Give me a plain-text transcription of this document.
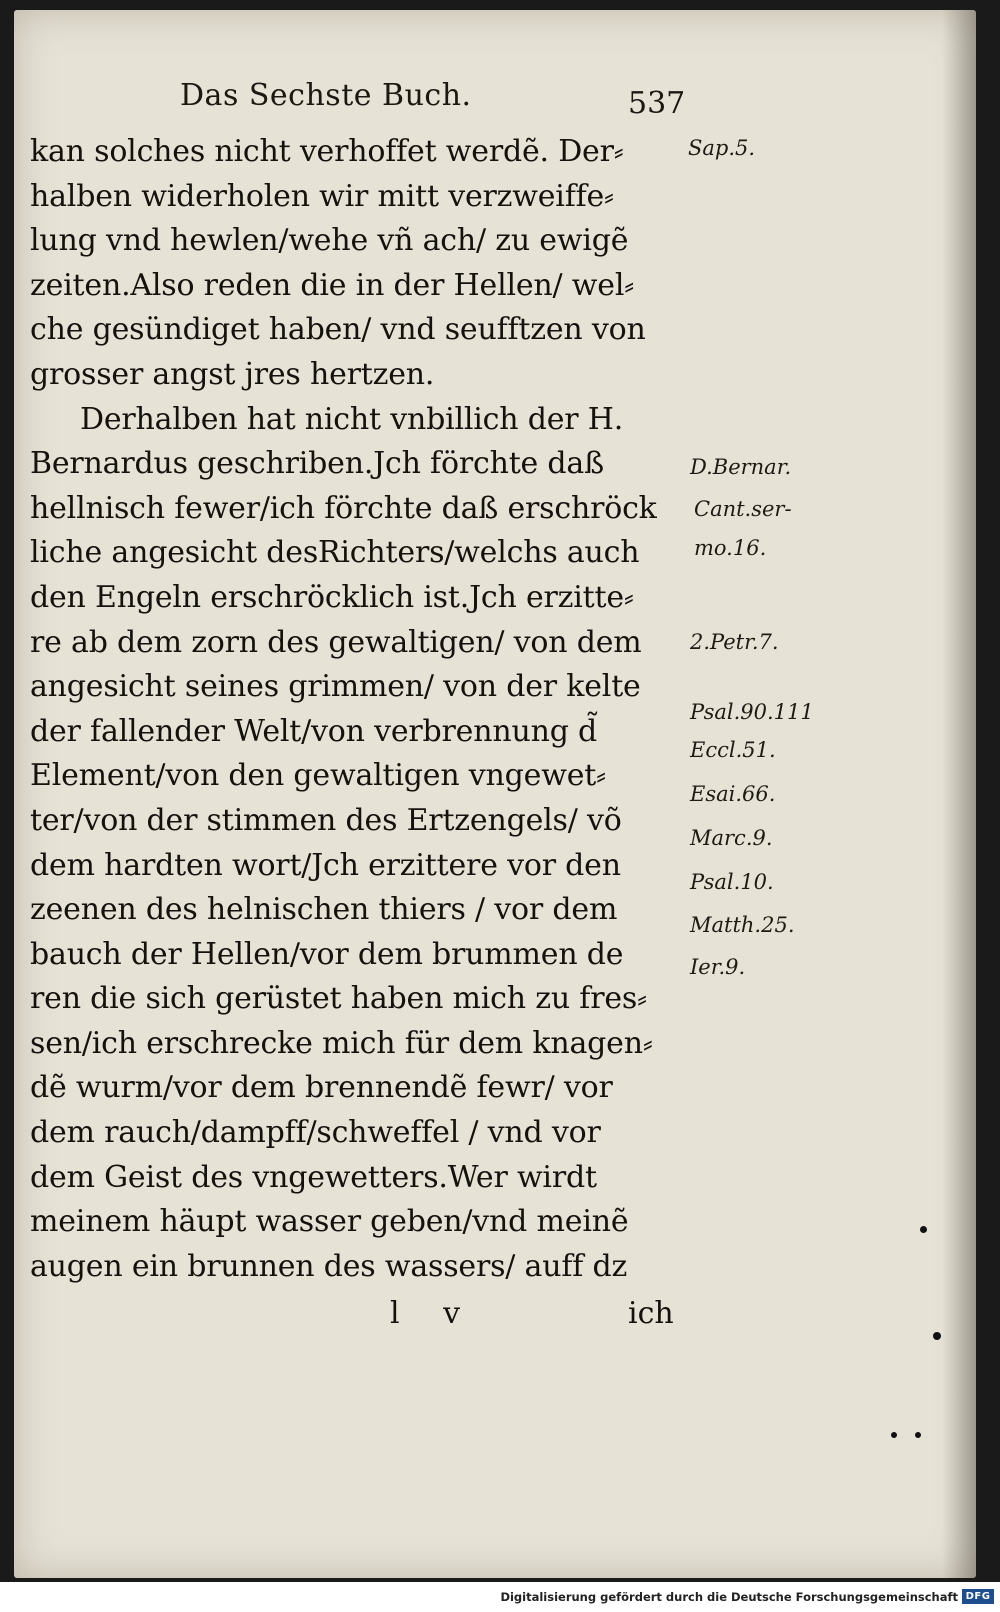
Das Sechste Buch.	537
kan solches nicht verhoffet werdẽ. Der⸗
halben widerholen wir mitt verzweiffe⸗
lung vnd hewlen/wehe vñ ach/ zu ewigẽ
zeiten.Also reden die in der Hellen/ wel⸗
che gesündiget haben/ vnd seufftzen von
grosser angst jres hertzen.
Derhalben hat nicht vnbillich der H.
Bernardus geschriben.Jch förchte daß
hellnisch fewer/ich förchte daß erschröck
liche angesicht desRichters/welchs auch
den Engeln erschröcklich ist.Jch erzitte⸗
re ab dem zorn des gewaltigen/ von dem
angesicht seines grimmen/ von der kelte
der fallender Welt/von verbrennung d̃
Element/von den gewaltigen vngewet⸗
ter/von der stimmen des Ertzengels/ võ
dem hardten wort/Jch erzittere vor den
zeenen des helnischen thiers / vor dem
bauch der Hellen/vor dem brummen de
ren die sich gerüstet haben mich zu fres⸗
sen/ich erschrecke mich für dem knagen⸗
dẽ wurm/vor dem brennendẽ fewr/ vor
dem rauch/dampff/schweffel / vnd vor
dem Geist des vngewetters.Wer wirdt
meinem häupt wasser geben/vnd meinẽ
augen ein brunnen des wassers/ auff dz
l v	ich
Sap.5.
D.Bernar.
Cant.ser-
mo.16.
2.Petr.7.
Psal.90.111
Eccl.51.
Esai.66.
Marc.9.
Psal.10.
Matth.25.
Ier.9.
Digitalisierung gefördert durch die Deutsche Forschungsgemeinschaft DFG
